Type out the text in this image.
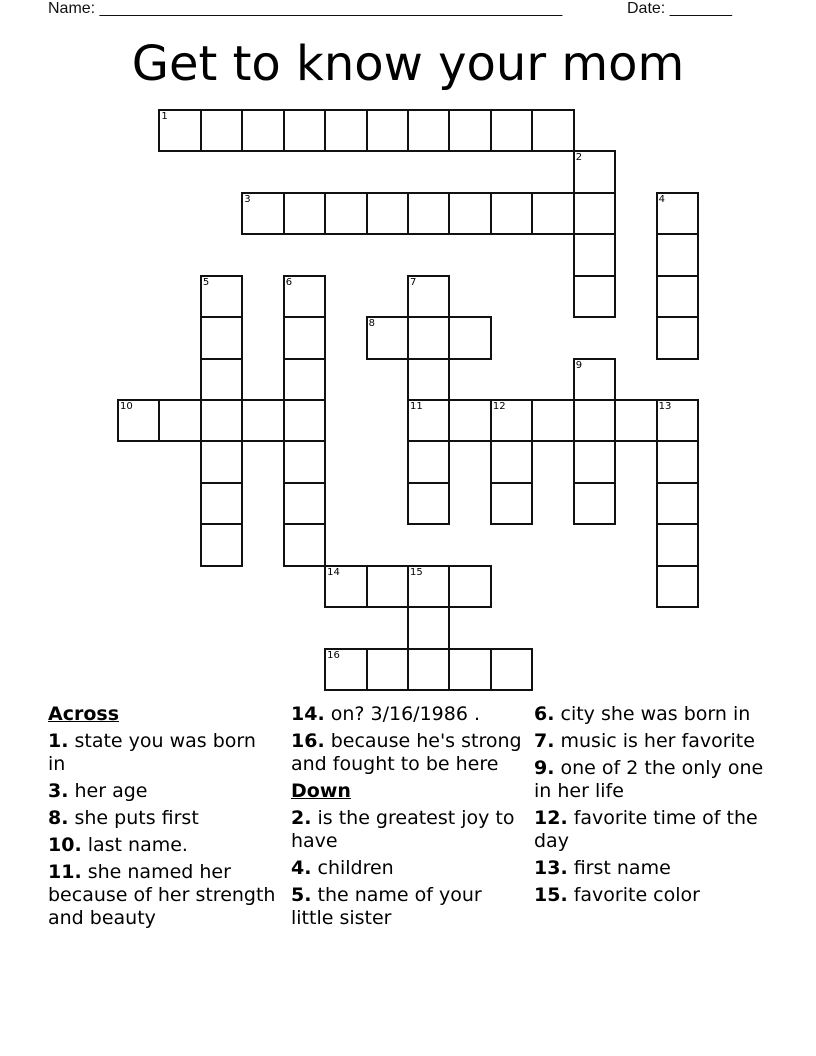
Name: ____________________________________________________	Date: _______
Get to know your mom
1
2
3	4
5	6	7
11
8
9
10	12	13
14	15
16
Across
1. state you was born in
3. her age
8. she puts first
10. last name.
11. she named her because of her strength and beauty
14. on? 3/16/1986 .
16. because he's strong and fought to be here
Down
2. is the greatest joy to have
4. children
5. the name of your little sister
6. city she was born in
7. music is her favorite
9. one of 2 the only one in her life
12. favorite time of the day
13. first name
15. favorite color
